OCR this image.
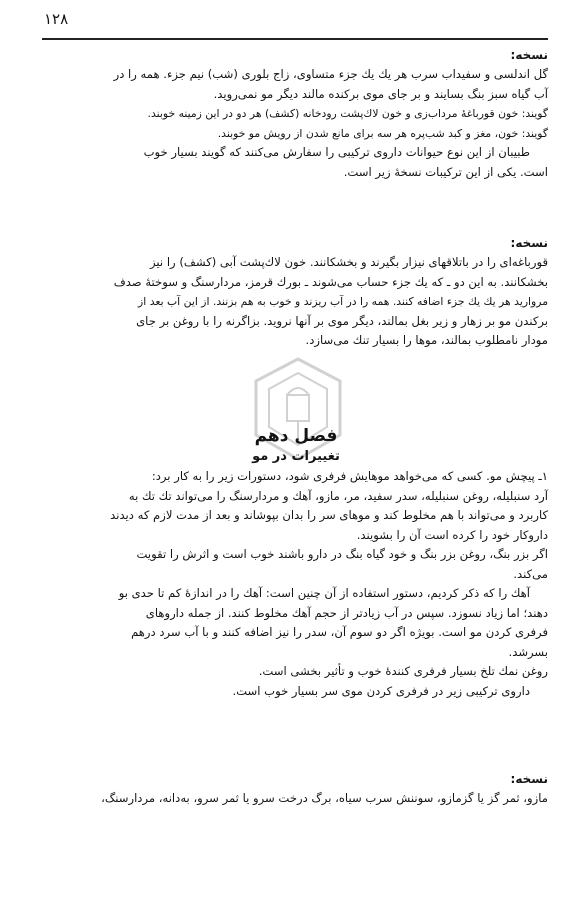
۱۲۸

نسخه:

گل اندلسی و سفیداب سرب هر یك یك جزء متساوی، زاج بلوری (شب) نیم جزء. همه را در

آب گیاه سبز بنگ بسایند و بر جای موی برکنده مالند دیگر مو نمی‌روید.

گویند: خون قورباغهٔ مرداب‌زی و خون لاك‌پشت رودخانه (کشف) هر دو در این زمینه خوبند.

گویند: خون، مغز و کبد شب‌پره هر سه برای مانع شدن از رویش مو خوبند.

طبیبان از این نوع حیوانات داروی ترکیبی را سفارش می‌کنند که گویند بسیار خوب

است. یکی از این ترکیبات نسخهٔ زیر است.

نسخه:

قورباغه‌ای را در باتلاقهای نیزار بگیرند و بخشکانند. خون لاك‌پشت آبی (کشف) را نیز

بخشکانند. به این دو ـ که یك جزء حساب می‌شوند ـ بورك قرمز، مردارسنگ و سوختهٔ صدف

مروارید هر یك یك جزء اضافه کنند. همه را در آب ریزند و خوب به هم بزنند. از این آب بعد از

برکندن مو بر زهار و زیر بغل بمالند، دیگر موی بر آنها نروید. بزاگرنه را با روغن بر جای

مودار نامطلوب بمالند، موها را بسیار تنك می‌سازد.

فصل دهم
تغییرات در مو

۱ـ پیچش مو. کسی که می‌خواهد موهایش فرفری شود، دستورات زیر را به کار برد:

آرد سنبلیله، روغن سنبلیله، سدر سفید، مر، مازو، آهك و مردارسنگ را می‌تواند تك تك به

کاربرد و می‌تواند با هم مخلوط کند و موهای سر را بدان بپوشاند و بعد از مدت لازم که دیدند

داروکار خود را کرده است آن را بشویند.

اگر بزر بنگ، روغن بزر بنگ و خود گیاه بنگ در دارو باشند خوب است و اثرش را تقویت

می‌کند.

آهك را که ذکر کردیم، دستور استفاده از آن چنین است: آهك را در اندازهٔ کم تا حدی بو

دهند؛ اما زیاد نسوزد. سپس در آب زیادتر از حجم آهك مخلوط کنند. از جمله داروهای

فرفری کردن مو است. بویژه اگر دو سوم آن، سدر را نیز اضافه کنند و با آب سرد درهم

بسرشد.

روغن نمك تلخ بسیار فرفری کنندهٔ خوب و تأثیر بخشی است.

داروی ترکیبی زیر در فرفری کردن موی سر بسیار خوب است.

نسخه:

مازو، ثمر گز یا گزمازو، سوننش سرب سیاه، برگ درخت سرو یا ثمر سرو، به‌دانه، مردارسنگ،
